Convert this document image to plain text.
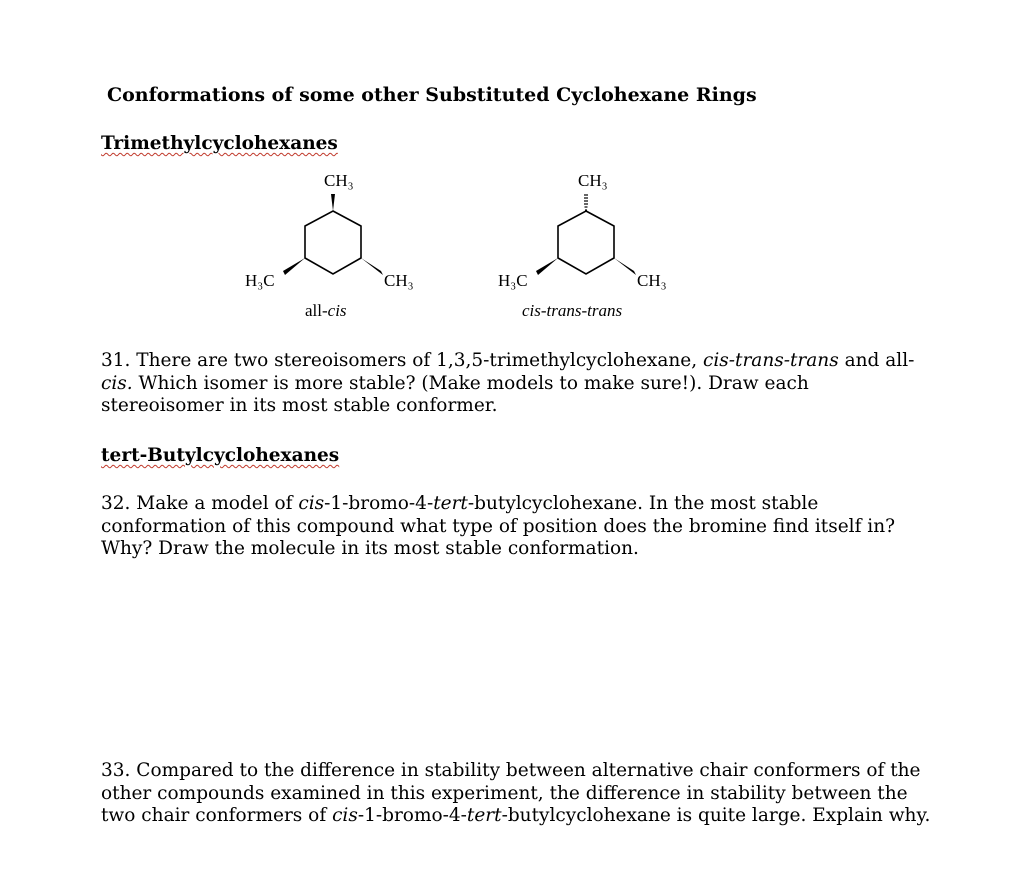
Conformations of some other Substituted Cyclohexane Rings
Trimethylcyclohexanes
CH₃
H₃C	CH₃
all-cis
CH₃
H₃C	CH₃
cis-trans-trans
31. There are two stereoisomers of 1,3,5-trimethylcyclohexane, cis-trans-trans and all-cis. Which isomer is more stable? (Make models to make sure!). Draw each stereoisomer in its most stable conformer.
tert-Butylcyclohexanes
32. Make a model of cis-1-bromo-4-tert-butylcyclohexane. In the most stable conformation of this compound what type of position does the bromine find itself in? Why? Draw the molecule in its most stable conformation.
33. Compared to the difference in stability between alternative chair conformers of the other compounds examined in this experiment, the difference in stability between the two chair conformers of cis-1-bromo-4-tert-butylcyclohexane is quite large. Explain why.
